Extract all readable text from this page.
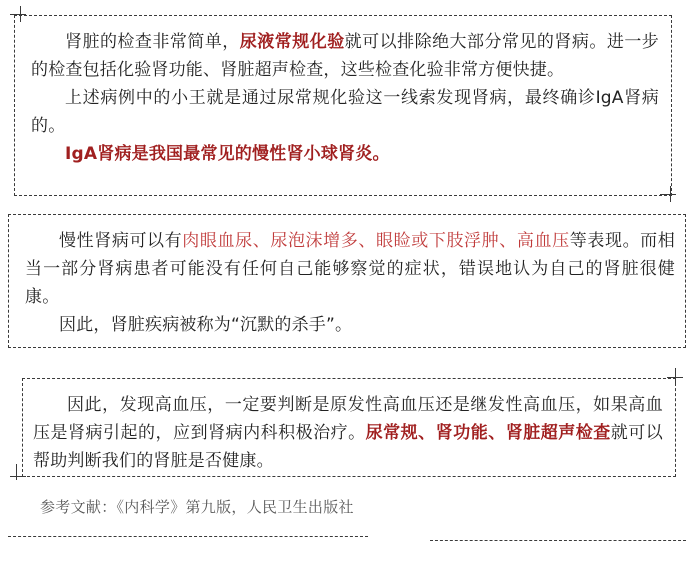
肾脏的检查非常简单，尿液常规化验就可以排除绝大部分常见的肾病。进一步的检查包括化验肾功能、肾脏超声检查，这些检查化验非常方便快捷。

上述病例中的小王就是通过尿常规化验这一线索发现肾病，最终确诊IgA肾病的。

IgA肾病是我国最常见的慢性肾小球肾炎。

慢性肾病可以有肉眼血尿、尿泡沫增多、眼睑或下肢浮肿、高血压等表现。而相当一部分肾病患者可能没有任何自己能够察觉的症状，错误地认为自己的肾脏很健康。

因此，肾脏疾病被称为“沉默的杀手”。

因此，发现高血压，一定要判断是原发性高血压还是继发性高血压，如果高血压是肾病引起的，应到肾病内科积极治疗。尿常规、肾功能、肾脏超声检查就可以帮助判断我们的肾脏是否健康。

参考文献：《内科学》第九版，人民卫生出版社
